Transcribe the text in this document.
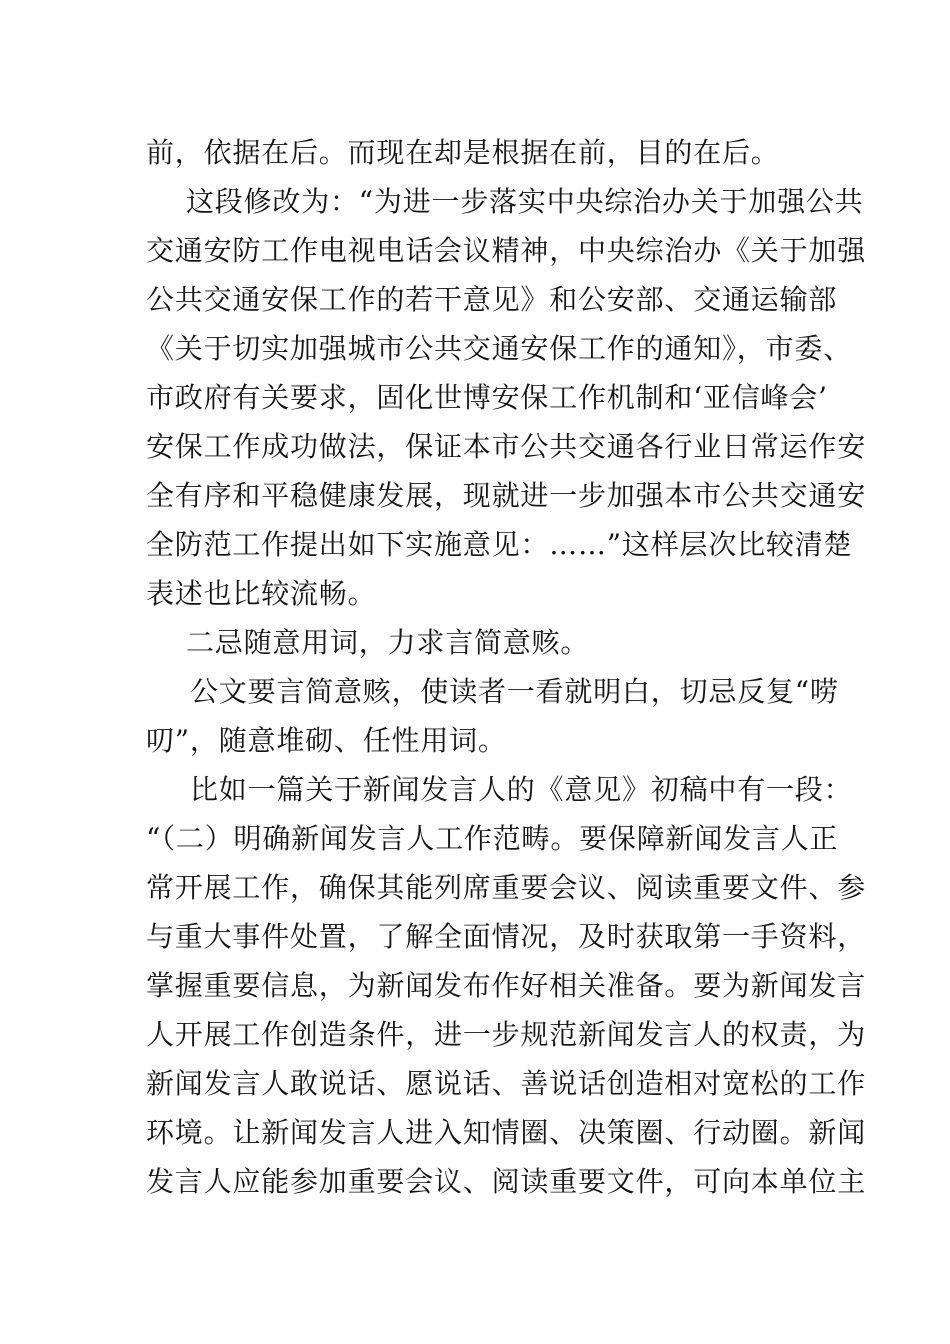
前，依据在后。而现在却是根据在前，目的在后。
这段修改为：“为进一步落实中央综治办关于加强公共
交通安防工作电视电话会议精神，中央综治办《关于加强
公共交通安保工作的若干意见》和公安部、交通运输部
《关于切实加强城市公共交通安保工作的通知》，市委、
市政府有关要求，固化世博安保工作机制和‘亚信峰会’
安保工作成功做法，保证本市公共交通各行业日常运作安
全有序和平稳健康发展，现就进一步加强本市公共交通安
全防范工作提出如下实施意见：……”这样层次比较清楚
表述也比较流畅。
二忌随意用词，力求言简意赅。
公文要言简意赅，使读者一看就明白，切忌反复“唠
叨”，随意堆砌、任性用词。
比如一篇关于新闻发言人的《意见》初稿中有一段：
“（二）明确新闻发言人工作范畴。要保障新闻发言人正
常开展工作，确保其能列席重要会议、阅读重要文件、参
与重大事件处置，了解全面情况，及时获取第一手资料，
掌握重要信息，为新闻发布作好相关准备。要为新闻发言
人开展工作创造条件，进一步规范新闻发言人的权责，为
新闻发言人敢说话、愿说话、善说话创造相对宽松的工作
环境。让新闻发言人进入知情圈、决策圈、行动圈。新闻
发言人应能参加重要会议、阅读重要文件，可向本单位主
